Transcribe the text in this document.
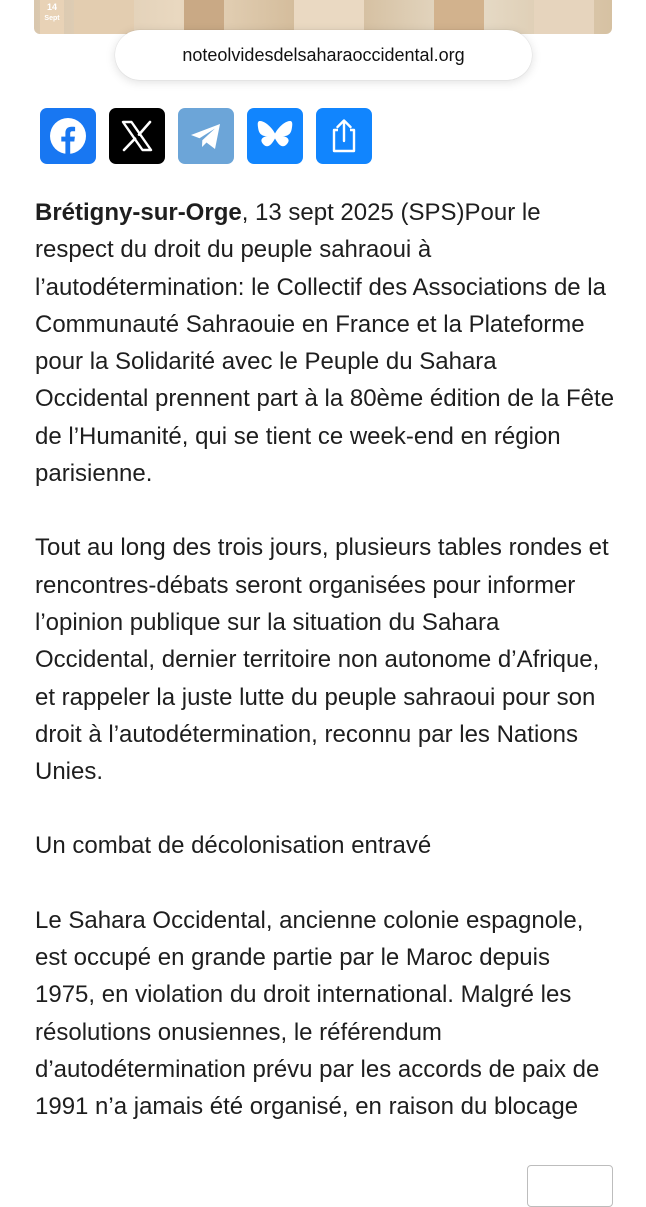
14
Sept
noteolvidesdelsaharaoccidental.org

Brétigny-sur-Orge, 13 sept 2025 (SPS)Pour le respect du droit du peuple sahraoui à l’autodétermination: le Collectif des Associations de la Communauté Sahraouie en France et la Plateforme pour la Solidarité avec le Peuple du Sahara Occidental prennent part à la 80ème édition de la Fête de l’Humanité, qui se tient ce week-end en région parisienne.

Tout au long des trois jours, plusieurs tables rondes et rencontres-débats seront organisées pour informer l’opinion publique sur la situation du Sahara Occidental, dernier territoire non autonome d’Afrique, et rappeler la juste lutte du peuple sahraoui pour son droit à l’autodétermination, reconnu par les Nations Unies.

Un combat de décolonisation entravé

Le Sahara Occidental, ancienne colonie espagnole, est occupé en grande partie par le Maroc depuis 1975, en violation du droit international. Malgré les résolutions onusiennes, le référendum d’autodétermination prévu par les accords de paix de 1991 n’a jamais été organisé, en raison du blocage
